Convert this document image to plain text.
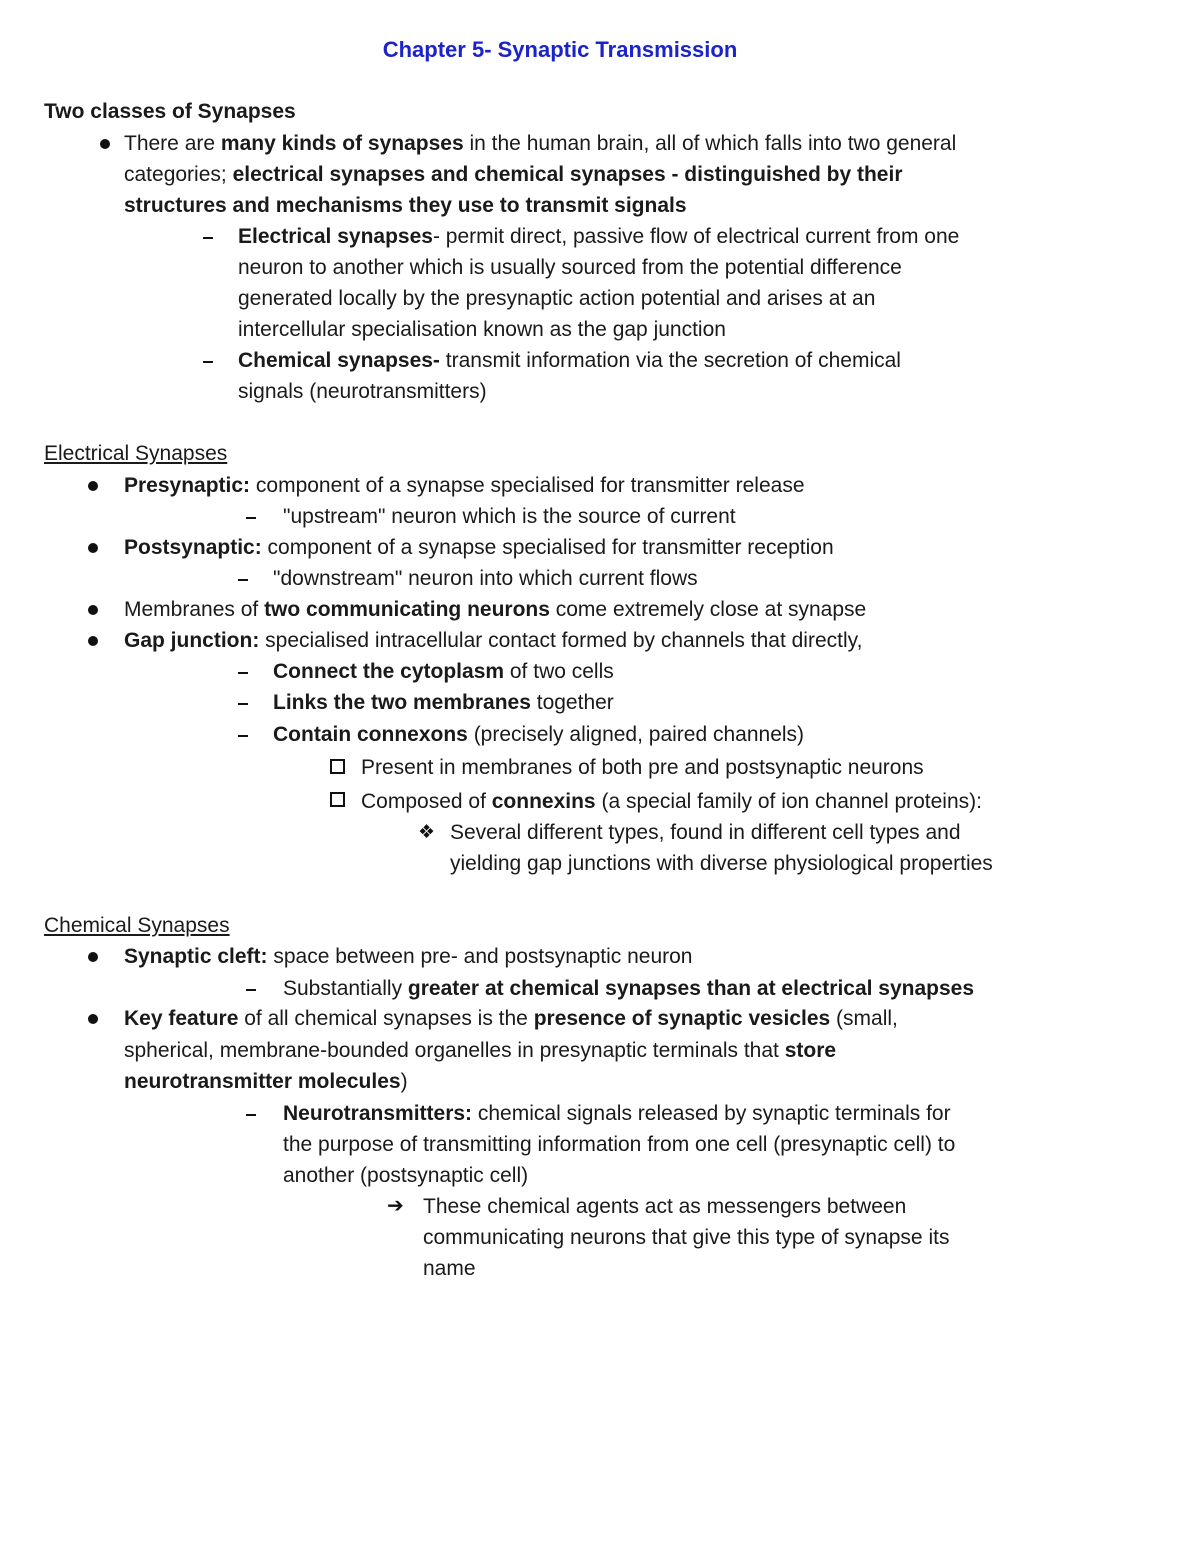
Chapter 5- Synaptic Transmission
Two classes of Synapses
There are many kinds of synapses in the human brain, all of which falls into two general
categories; electrical synapses and chemical synapses - distinguished by their
structures and mechanisms they use to transmit signals
Electrical synapses- permit direct, passive flow of electrical current from one
neuron to another which is usually sourced from the potential difference
generated locally by the presynaptic action potential and arises at an
intercellular specialisation known as the gap junction
Chemical synapses- transmit information via the secretion of chemical
signals (neurotransmitters)
Electrical Synapses
Presynaptic: component of a synapse specialised for transmitter release
"upstream" neuron which is the source of current
Postsynaptic: component of a synapse specialised for transmitter reception
"downstream" neuron into which current flows
Membranes of two communicating neurons come extremely close at synapse
Gap junction: specialised intracellular contact formed by channels that directly,
Connect the cytoplasm of two cells
Links the two membranes together
Contain connexons (precisely aligned, paired channels)
Present in membranes of both pre and postsynaptic neurons
Composed of connexins (a special family of ion channel proteins):
❖ Several different types, found in different cell types and
yielding gap junctions with diverse physiological properties
Chemical Synapses
Synaptic cleft: space between pre- and postsynaptic neuron
Substantially greater at chemical synapses than at electrical synapses
Key feature of all chemical synapses is the presence of synaptic vesicles (small,
spherical, membrane-bounded organelles in presynaptic terminals that store
neurotransmitter molecules)
Neurotransmitters: chemical signals released by synaptic terminals for
the purpose of transmitting information from one cell (presynaptic cell) to
another (postsynaptic cell)
➔ These chemical agents act as messengers between
communicating neurons that give this type of synapse its
name
